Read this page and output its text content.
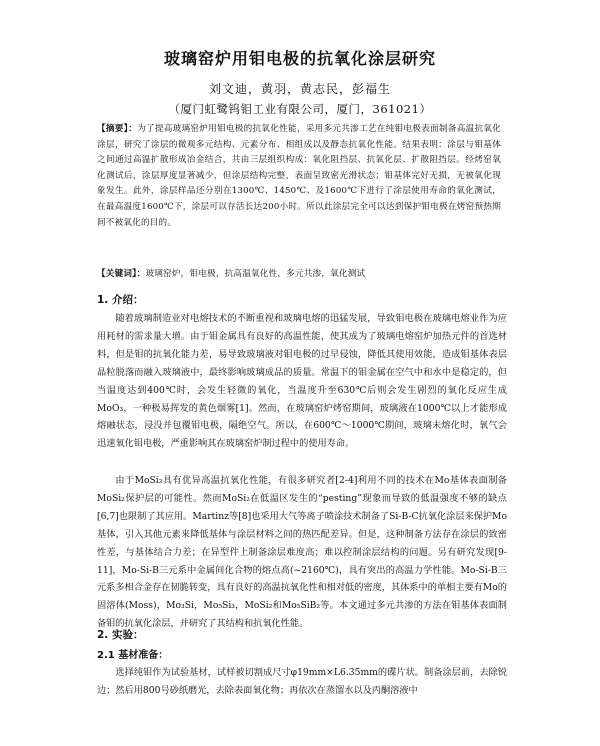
玻璃窑炉用钼电极的抗氧化涂层研究
刘文迪，黄羽，黄志民，彭福生
（厦门虹鹭钨钼工业有限公司，厦门，361021）
【摘要】：为了提高玻璃窑炉用钼电极的抗氧化性能，采用多元共渗工艺在纯钼电极表面制备高温抗氧化涂层，研究了涂层的微观多元结构、元素分布、相组成以及静态抗氧化性能。结果表明：涂层与钼基体之间通过高温扩散形成冶金结合，共由三层组织构成：氧化阻挡层、抗氧化层、扩散阻挡层。经烤窑氧化测试后，涂层厚度显著减少，但涂层结构完整，表面呈致密光滑状态；钼基体完好无损，无被氧化现象发生。此外，涂层样品还分别在1300℃、1450℃、及1600℃下进行了涂层使用寿命的氧化测试，在最高温度1600℃下，涂层可以存活长达200小时。所以此涂层完全可以达到保护钼电极在烤窑预热期间不被氧化的目的。
【关键词】：玻璃窑炉，钼电极，抗高温氧化性，多元共渗，氧化测试
1. 介绍：
随着玻璃制造业对电熔技术的不断重视和玻璃电熔的迅猛发展，导致钼电极在玻璃电熔业作为应用耗材的需求量大增。由于钼金属具有良好的高温性能，使其成为了玻璃电熔窑炉加热元件的首选材料，但是钼的抗氧化能力差，易导致玻璃液对钼电极的过早侵蚀，降低其使用效能，造成钼基体表层晶粒脱落而融入玻璃液中，最终影响玻璃成品的质量。常温下的钼金属在空气中和水中是稳定的，但当温度达到400℃时，会发生轻微的氧化，当温度升至630℃后则会发生剧烈的氧化反应生成MoO₃，一种极易挥发的黄色烟雾[1]。然而，在玻璃窑炉烤窑期间，玻璃液在1000℃以上才能形成熔融状态，浸没并包覆钼电极，隔绝空气。所以，在600℃～1000℃期间，玻璃未熔化时，氧气会迅速氧化钼电极，严重影响其在玻璃窑炉制过程中的使用寿命。
由于MoSi₂具有优异高温抗氧化性能，有很多研究者[2-4]利用不同的技术在Mo基体表面制备MoSi₂保护层的可能性。然而MoSi₂在低温区发生的“pesting”现象而导致的低温强度不够的缺点[6,7]也限制了其应用。Martinz等[8]也采用大气等离子喷涂技术制备了Si-B-C抗氧化涂层来保护Mo基体，引入其他元素来降低基体与涂层材料之间的热匹配差异。但是，这种制备方法存在涂层的致密性差，与基体结合力差；在异型件上制备涂层难度高；难以控制涂层结构的问题。另有研究发现[9-11]，Mo-Si-B三元系中金属间化合物的熔点高(~2160℃)，具有突出的高温力学性能。Mo-Si-B三元系多相合金存在韧脆转变，具有良好的高温抗氧化性和相对低的密度，其体系中的单相主要有Mo的固溶体(Moss)，Mo₃Si，Mo₅Si₃，MoSi₂和Mo₅SiB₂等。本文通过多元共渗的方法在钼基体表面制备钼的抗氧化涂层，并研究了其结构和抗氧化性能。
2. 实验：
2.1 基材准备：
选择纯钼作为试验基材，试样被切割成尺寸φ19mm×L6.35mm的碟片状。制备涂层前，去除锐边；然后用800号砂纸磨光，去除表面氧化物；再依次在蒸馏水以及丙酮溶液中
